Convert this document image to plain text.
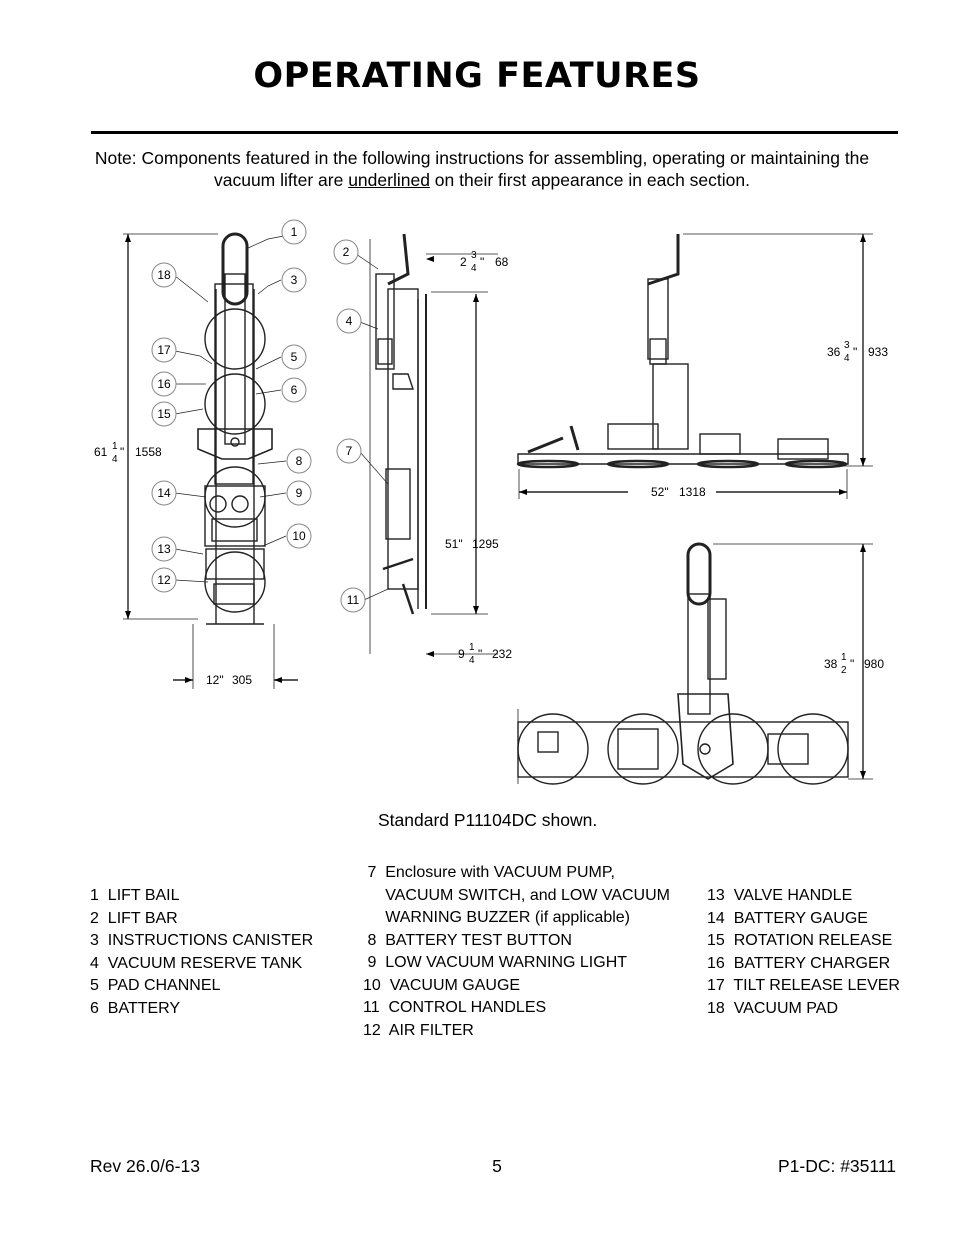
OPERATING FEATURES
Note: Components featured in the following instructions for assembling, operating or maintaining the vacuum lifter are underlined on their first appearance in each section.
1
2
3
4
5
6
7
8
9
10
11
12
13
14
15
16
17
18
61 1
4
" 1558
12" 305
2 3
4 " 68
51" 1295
9 1
4 " 232
36 3
4 " 933
52" 1318
38 1
2 " 980
Standard P11104DC shown.
1  LIFT BAIL
2  LIFT BAR
3  INSTRUCTIONS CANISTER
4  VACUUM RESERVE TANK
5  PAD CHANNEL
6  BATTERY
7  Enclosure with VACUUM PUMP,
VACUUM SWITCH, and LOW VACUUM
WARNING BUZZER (if applicable)
8  BATTERY TEST BUTTON
9  LOW VACUUM WARNING LIGHT
10  VACUUM GAUGE
11  CONTROL HANDLES
12  AIR FILTER
13  VALVE HANDLE
14  BATTERY GAUGE
15  ROTATION RELEASE
16  BATTERY CHARGER
17  TILT RELEASE LEVER
18  VACUUM PAD
Rev 26.0/6-13	5	P1-DC: #35111
